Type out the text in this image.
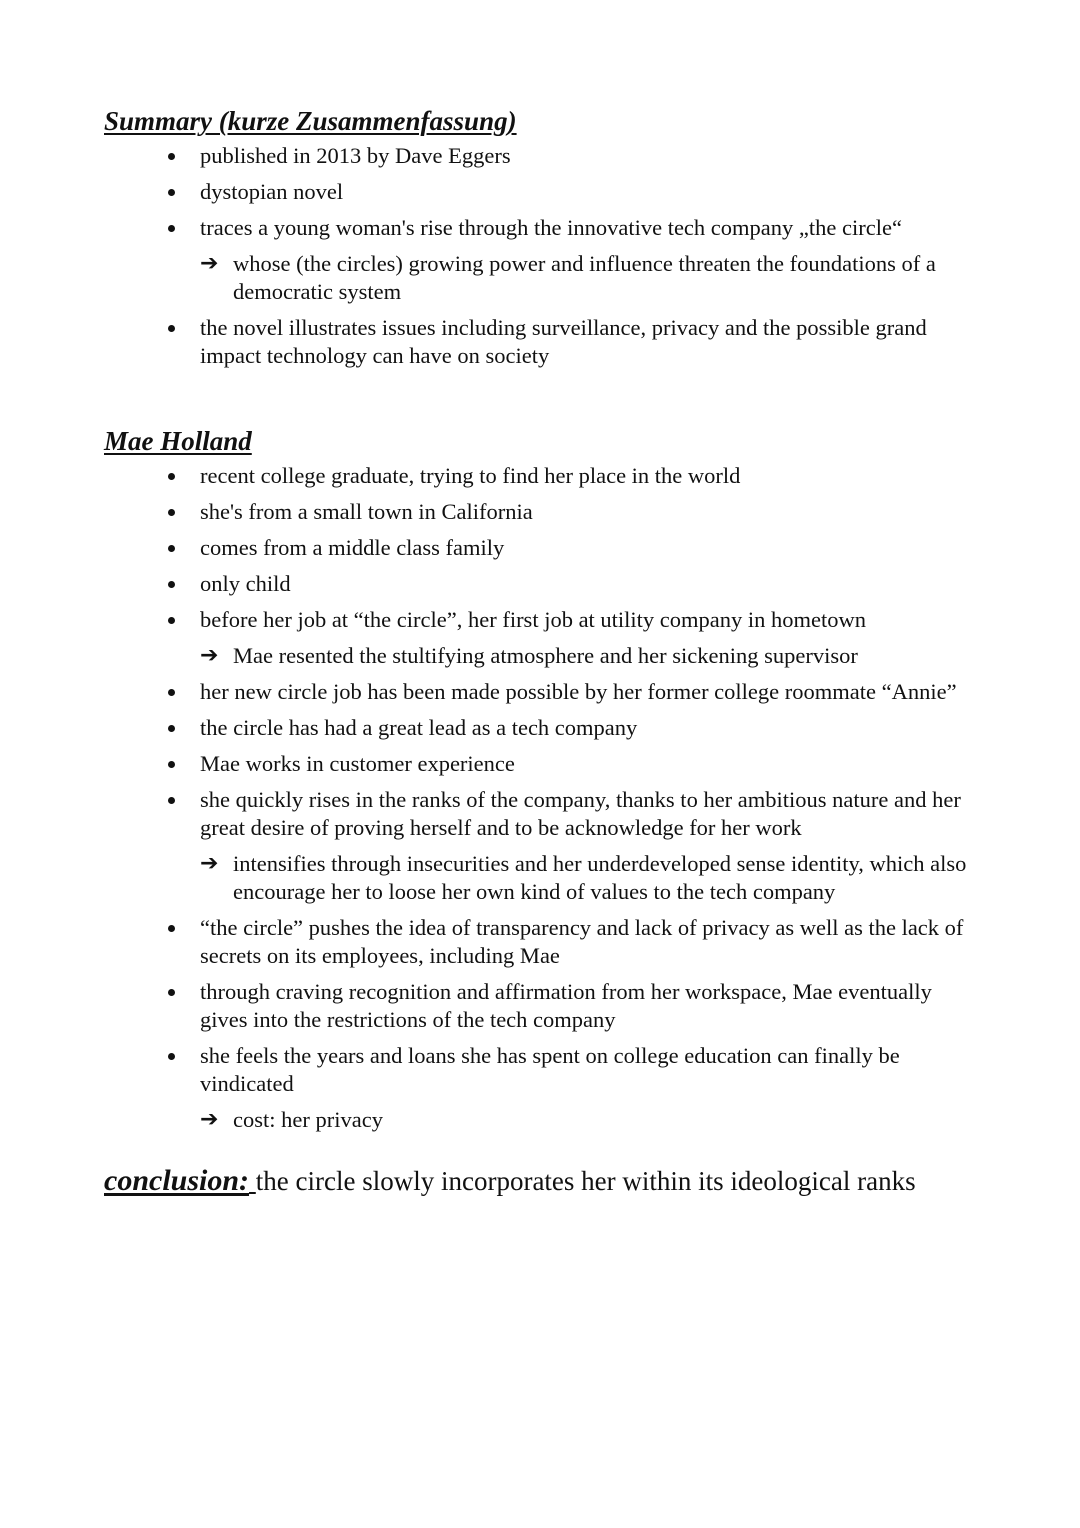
Summary (kurze Zusammenfassung)
published in 2013 by Dave Eggers
dystopian novel
traces a young woman's rise through the innovative tech company „the circle“
➔ whose (the circles) growing power and influence threaten the foundations of a democratic system
the novel illustrates issues including surveillance, privacy and the possible grand impact technology can have on society
Mae Holland
recent college graduate, trying to find her place in the world
she's from a small town in California
comes from a middle class family
only child
before her job at “the circle”, her first job at utility company in hometown
➔ Mae resented the stultifying atmosphere and her sickening supervisor
her new circle job has been made possible by her former college roommate “Annie”
the circle has had a great lead as a tech company
Mae works in customer experience
she quickly rises in the ranks of the company, thanks to her ambitious nature and her great desire of proving herself and to be acknowledge for her work
➔ intensifies through insecurities and her underdeveloped sense identity, which also encourage her to loose her own kind of values to the tech company
“the circle” pushes the idea of transparency and lack of privacy as well as the lack of secrets on its employees, including Mae
through craving recognition and affirmation from her workspace, Mae eventually gives into the restrictions of the tech company
she feels the years and loans she has spent on college education can finally be vindicated
➔ cost: her privacy
conclusion: the circle slowly incorporates her within its ideological ranks
